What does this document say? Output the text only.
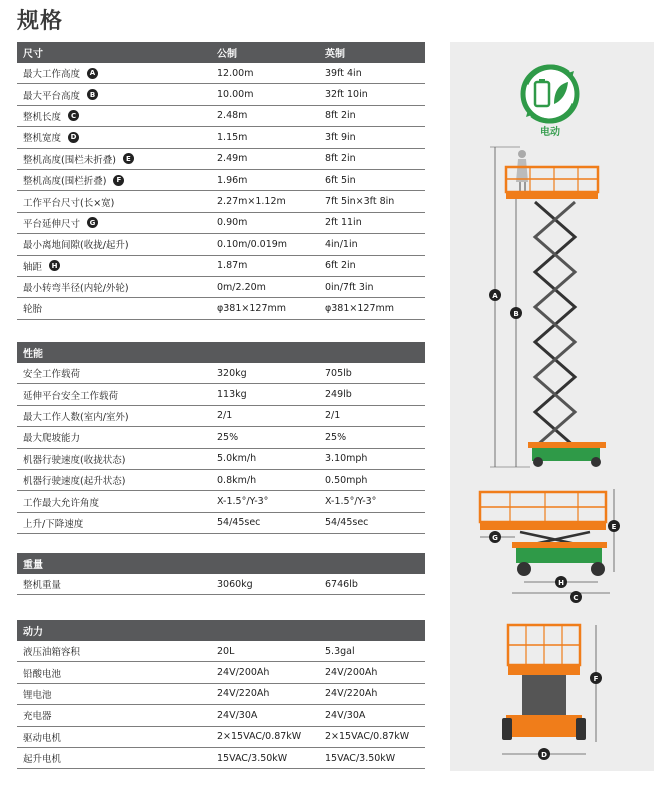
规格
尺寸	公制	英制
最大工作高度	A	12.00m	39ft 4in
最大平台高度	B	10.00m	32ft 10in
整机长度	C	2.48m	8ft 2in
整机宽度	D	1.15m	3ft 9in
整机高度(围栏未折叠)	E	2.49m	8ft 2in
整机高度(围栏折叠)	F	1.96m	6ft 5in
工作平台尺寸(长×宽)	2.27m×1.12m	7ft 5in×3ft 8in
平台延伸尺寸	G	0.90m	2ft 11in
最小离地间隙(收拢/起升)	0.10m/0.019m	4in/1in
轴距	H	1.87m	6ft 2in
最小转弯半径(内轮/外轮)	0m/2.20m	0in/7ft 3in
轮胎	φ381×127mm	φ381×127mm
性能
安全工作载荷	320kg	705lb
延伸平台安全工作载荷	113kg	249lb
最大工作人数(室内/室外)	2/1	2/1
最大爬坡能力	25%	25%
机器行驶速度(收拢状态)	5.0km/h	3.10mph
机器行驶速度(起升状态)	0.8km/h	0.50mph
工作最大允许角度	X-1.5°/Y-3°	X-1.5°/Y-3°
上升/下降速度	54/45sec	54/45sec
重量
整机重量	3060kg	6746lb
动力
液压油箱容积	20L	5.3gal
铅酸电池	24V/200Ah	24V/200Ah
锂电池	24V/220Ah	24V/220Ah
充电器	24V/30A	24V/30A
驱动电机	2×15VAC/0.87kW	2×15VAC/0.87kW
起升电机	15VAC/3.50kW	15VAC/3.50kW
电动
A
B
C
D
E
F
G
H
